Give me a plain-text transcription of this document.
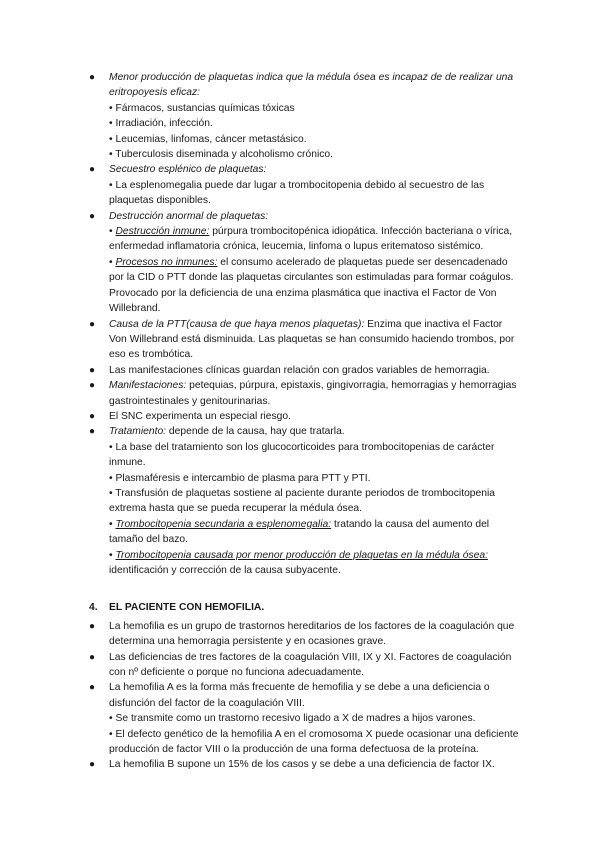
● Menor producción de plaquetas indica que la médula ósea es incapaz de de realizar una eritropoyesis eficaz:
• Fármacos, sustancias químicas tóxicas
• Irradiación, infección.
• Leucemias, linfomas, cáncer metastásico.
• Tuberculosis diseminada y alcoholismo crónico.
● Secuestro esplénico de plaquetas:
• La esplenomegalia puede dar lugar a trombocitopenia debido al secuestro de las plaquetas disponibles.
● Destrucción anormal de plaquetas:
• Destrucción inmune: púrpura trombocitopénica idiopática. Infección bacteriana o vírica, enfermedad inflamatoria crónica, leucemia, linfoma o lupus eritematoso sistémico.
• Procesos no inmunes: el consumo acelerado de plaquetas puede ser desencadenado por la CID o PTT donde las plaquetas circulantes son estimuladas para formar coágulos. Provocado por la deficiencia de una enzima plasmática que inactiva el Factor de Von Willebrand.
● Causa de la PTT(causa de que haya menos plaquetas): Enzima que inactiva el Factor Von Willebrand está disminuida. Las plaquetas se han consumido haciendo trombos, por eso es trombótica.
● Las manifestaciones clínicas guardan relación con grados variables de hemorragia.
● Manifestaciones: petequias, púrpura, epistaxis, gingivorragia, hemorragias y hemorragias gastrointestinales y genitourinarias.
● El SNC experimenta un especial riesgo.
● Tratamiento: depende de la causa, hay que tratarla.
• La base del tratamiento son los glucocorticoides para trombocitopenias de carácter inmune.
• Plasmaféresis e intercambio de plasma para PTT y PTI.
• Transfusión de plaquetas sostiene al paciente durante periodos de trombocitopenia extrema hasta que se pueda recuperar la médula ósea.
• Trombocitopenia secundaria a esplenomegalia: tratando la causa del aumento del tamaño del bazo.
• Trombocitopenia causada por menor producción de plaquetas en la médula ósea: identificación y corrección de la causa subyacente.
4. EL PACIENTE CON HEMOFILIA.
● La hemofilia es un grupo de trastornos hereditarios de los factores de la coagulación que determina una hemorragia persistente y en ocasiones grave.
● Las deficiencias de tres factores de la coagulación VIII, IX y XI. Factores de coagulación con nº deficiente o porque no funciona adecuadamente.
● La hemofilia A es la forma más frecuente de hemofilia y se debe a una deficiencia o disfunción del factor de la coagulación VIII.
• Se transmite como un trastorno recesivo ligado a X de madres a hijos varones.
• El defecto genético de la hemofilia A en el cromosoma X puede ocasionar una deficiente producción de factor VIII o la producción de una forma defectuosa de la proteína.
● La hemofilia B supone un 15% de los casos y se debe a una deficiencia de factor IX.
